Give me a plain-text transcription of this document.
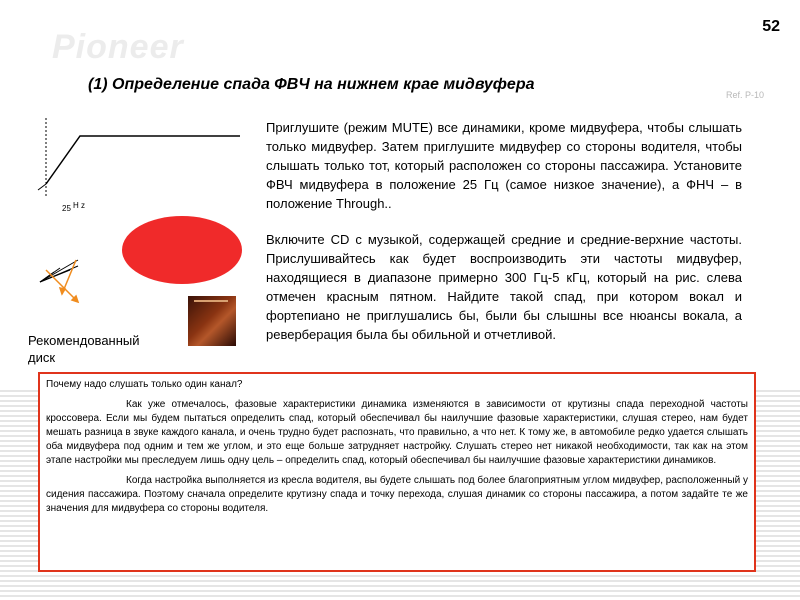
Pioneer
52
Ref. P-10
(1) Определение спада ФВЧ на нижнем крае мидвуфера
25 H z
Рекомендованный диск

Приглушите (режим MUTE) все динамики, кроме мидвуфера, чтобы слышать только мидвуфер. Затем приглушите мидвуфер со стороны водителя, чтобы слышать только тот, который расположен со стороны пассажира. Установите ФВЧ мидвуфера в положение 25 Гц (самое низкое значение), а ФНЧ – в положение Through..

Включите CD с музыкой, содержащей средние и средние-верхние частоты. Прислушивайтесь как будет воспроизводить эти частоты мидвуфер, находящиеся в диапазоне примерно 300 Гц-5 кГц, который на рис. слева отмечен красным пятном. Найдите такой спад, при котором вокал и фортепиано не приглушались бы, были бы слышны все нюансы вокала, а реверберация была бы обильной и отчетливой.

Почему надо слушать только один канал?

Как уже отмечалось, фазовые характеристики динамика изменяются в зависимости от крутизны спада переходной частоты кроссовера. Если мы будем пытаться определить спад, который обеспечивал бы наилучшие фазовые характеристики, слушая стерео, нам будет мешать разница в звуке каждого канала, и очень трудно будет распознать, что правильно, а что нет. К тому же, в автомобиле редко удается слышать оба мидвуфера под одним и тем же углом, и это еще больше затрудняет настройку. Слушать стерео нет никакой необходимости, так как на этом этапе настройки мы преследуем лишь одну цель – определить спад, который обеспечивал бы наилучшие фазовые характеристики динамиков.

Когда настройка выполняется из кресла водителя, вы будете слышать под более благоприятным углом мидвуфер, расположенный у сидения пассажира. Поэтому сначала определите крутизну спада и точку перехода, слушая динамик со стороны пассажира, а потом задайте те же значения для мидвуфера со стороны водителя.
